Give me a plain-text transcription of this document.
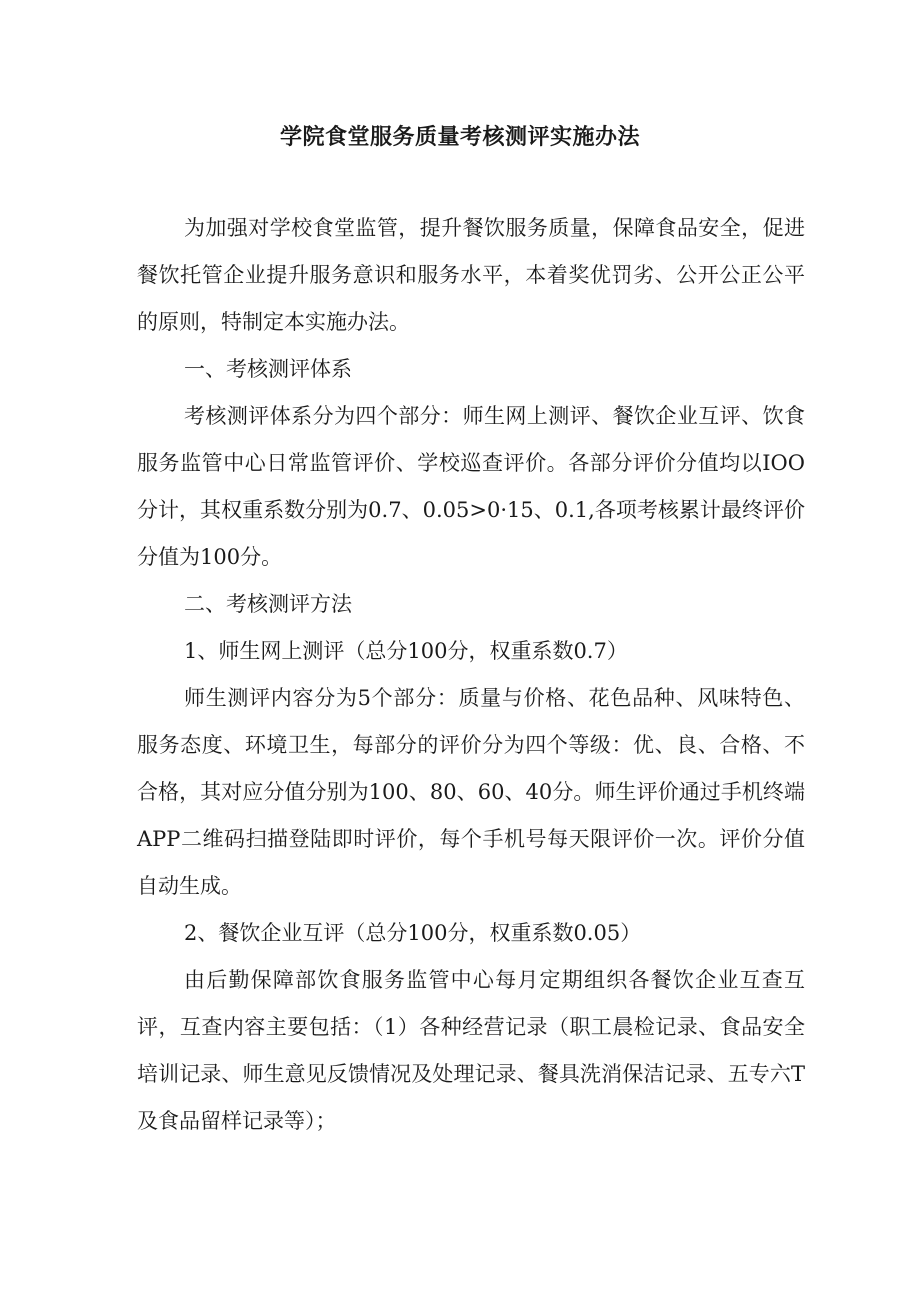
学院食堂服务质量考核测评实施办法

为加强对学校食堂监管，提升餐饮服务质量，保障食品安全，促进餐饮托管企业提升服务意识和服务水平，本着奖优罚劣、公开公正公平的原则，特制定本实施办法。

一、考核测评体系

考核测评体系分为四个部分：师生网上测评、餐饮企业互评、饮食服务监管中心日常监管评价、学校巡查评价。各部分评价分值均以IOO分计，其权重系数分别为0.7、0.05>0·15、0.1,各项考核累计最终评价分值为100分。

二、考核测评方法

1、师生网上测评（总分100分，权重系数0.7）

师生测评内容分为5个部分：质量与价格、花色品种、风味特色、服务态度、环境卫生，每部分的评价分为四个等级：优、良、合格、不合格，其对应分值分别为100、80、60、40分。师生评价通过手机终端APP二维码扫描登陆即时评价，每个手机号每天限评价一次。评价分值自动生成。

2、餐饮企业互评（总分100分，权重系数0.05）

由后勤保障部饮食服务监管中心每月定期组织各餐饮企业互查互评，互查内容主要包括：（1）各种经营记录（职工晨检记录、食品安全培训记录、师生意见反馈情况及处理记录、餐具洗消保洁记录、五专六T及食品留样记录等）；
